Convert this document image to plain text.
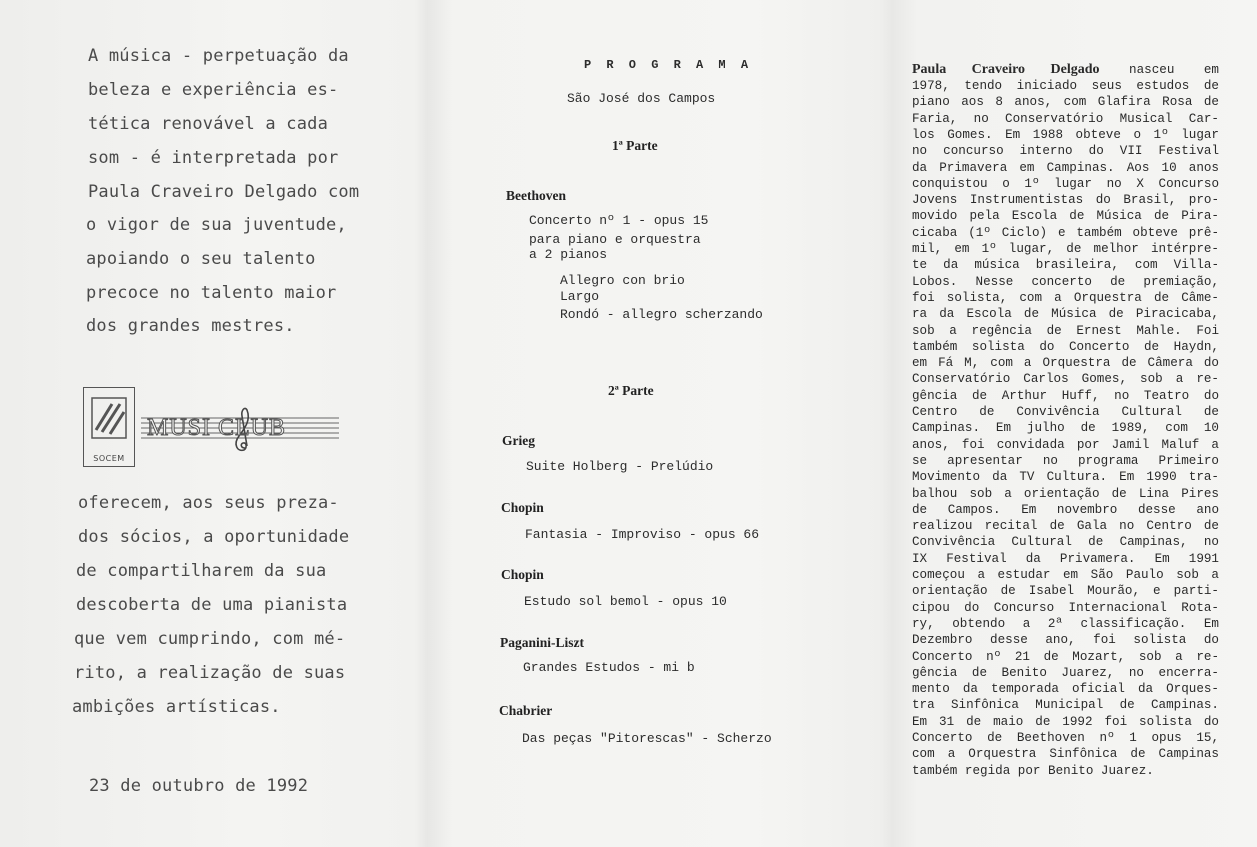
A música - perpetuação da

beleza e experiência es-

tética renovável a cada

som - é interpretada por

Paula Craveiro Delgado com

o vigor de sua juventude,

apoiando o seu talento

precoce no talento maior

dos grandes mestres.

SOCEM

MUSI CLUB

oferecem, aos seus preza-

dos sócios, a oportunidade

de compartilharem da sua

descoberta de uma pianista

que vem cumprindo, com mé-

rito, a realização de suas

ambições artísticas.

23 de outubro de 1992

P R O G R A M A

São José dos Campos

1ª Parte

Beethoven

Concerto nº 1 - opus 15

para piano e orquestra

a 2 pianos

Allegro con brio

Largo

Rondó - allegro scherzando

2ª Parte

Grieg

Suite Holberg - Prelúdio

Chopin

Fantasia - Improviso - opus 66

Chopin

Estudo sol bemol - opus 10

Paganini-Liszt

Grandes Estudos - mi b

Chabrier

Das peças "Pitorescas" - Scherzo

Paula Craveiro Delgado nasceu em

1978, tendo iniciado seus estudos de

piano aos 8 anos, com Glafira Rosa de

Faria, no Conservatório Musical Car-

los Gomes. Em 1988 obteve o 1º lugar

no concurso interno do VII Festival

da Primavera em Campinas. Aos 10 anos

conquistou o 1º lugar no X Concurso

Jovens Instrumentistas do Brasil, pro-

movido pela Escola de Música de Pira-

cicaba (1º Ciclo) e também obteve prê-

mil, em 1º lugar, de melhor intérpre-

te da música brasileira, com Villa-

Lobos. Nesse concerto de premiação,

foi solista, com a Orquestra de Câme-

ra da Escola de Música de Piracicaba,

sob a regência de Ernest Mahle. Foi

também solista do Concerto de Haydn,

em Fá M, com a Orquestra de Câmera do

Conservatório Carlos Gomes, sob a re-

gência de Arthur Huff, no Teatro do

Centro de Convivência Cultural de

Campinas. Em julho de 1989, com 10

anos, foi convidada por Jamil Maluf a

se apresentar no programa Primeiro

Movimento da TV Cultura. Em 1990 tra-

balhou sob a orientação de Lina Pires

de Campos. Em novembro desse ano

realizou recital de Gala no Centro de

Convivência Cultural de Campinas, no

IX Festival da Privamera. Em 1991

começou a estudar em São Paulo sob a

orientação de Isabel Mourão, e parti-

cipou do Concurso Internacional Rota-

ry, obtendo a 2ª classificação. Em

Dezembro desse ano, foi solista do

Concerto nº 21 de Mozart, sob a re-

gência de Benito Juarez, no encerra-

mento da temporada oficial da Orques-

tra Sinfônica Municipal de Campinas.

Em 31 de maio de 1992 foi solista do

Concerto de Beethoven nº 1 opus 15,

com a Orquestra Sinfônica de Campinas

também regida por Benito Juarez.
